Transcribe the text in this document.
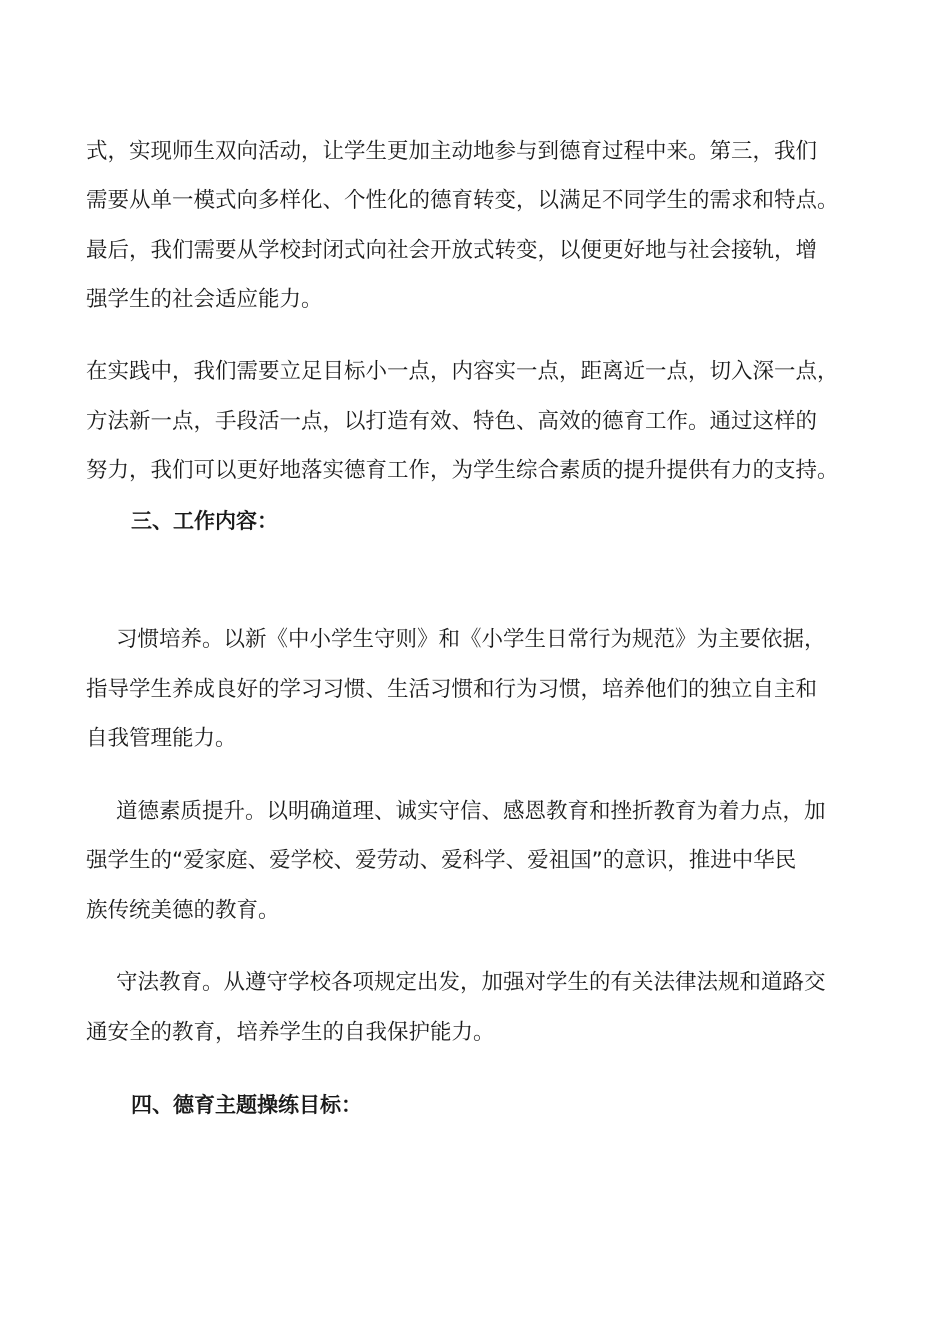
式，实现师生双向活动，让学生更加主动地参与到德育过程中来。第三，我们
需要从单一模式向多样化、个性化的德育转变，以满足不同学生的需求和特点。
最后，我们需要从学校封闭式向社会开放式转变，以便更好地与社会接轨，增
强学生的社会适应能力。
在实践中，我们需要立足目标小一点，内容实一点，距离近一点，切入深一点，
方法新一点，手段活一点，以打造有效、特色、高效的德育工作。通过这样的
努力，我们可以更好地落实德育工作，为学生综合素质的提升提供有力的支持。
三、工作内容：
习惯培养。以新《中小学生守则》和《小学生日常行为规范》为主要依据，
指导学生养成良好的学习习惯、生活习惯和行为习惯，培养他们的独立自主和
自我管理能力。
道德素质提升。以明确道理、诚实守信、感恩教育和挫折教育为着力点，加
强学生的“爱家庭、爱学校、爱劳动、爱科学、爱祖国”的意识，推进中华民
族传统美德的教育。
守法教育。从遵守学校各项规定出发，加强对学生的有关法律法规和道路交
通安全的教育，培养学生的自我保护能力。
四、德育主题操练目标：
